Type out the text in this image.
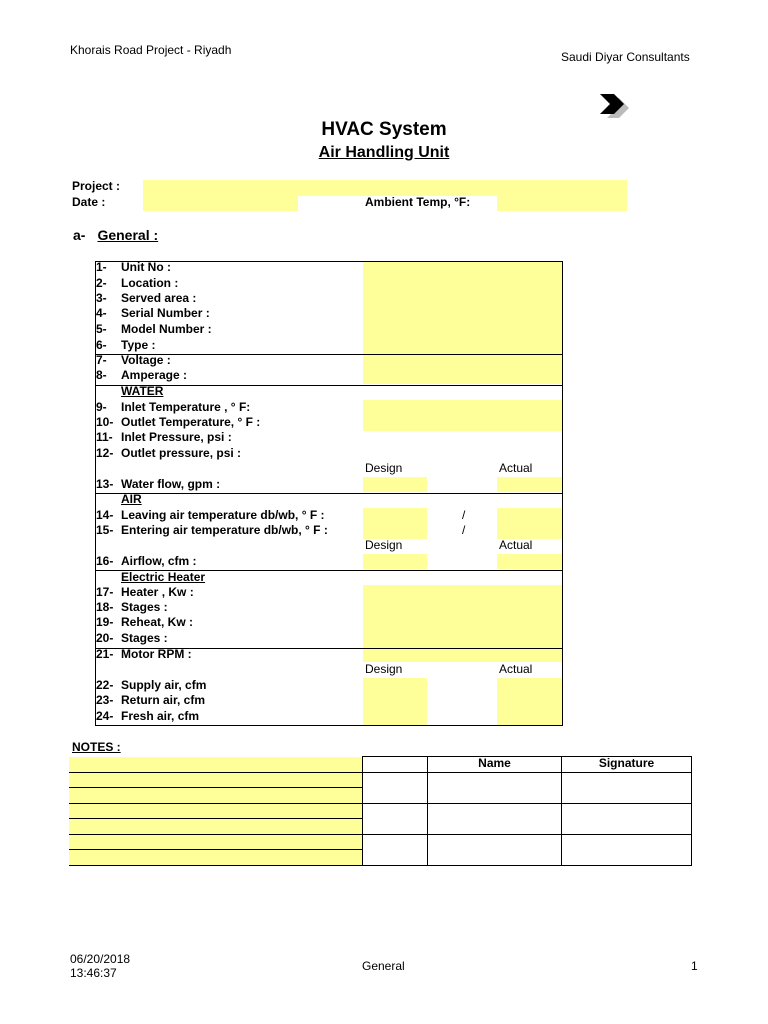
Khorais Road Project - Riyadh	Saudi Diyar Consultants
HVAC System
Air Handling Unit
Project :
Date :	Ambient Temp, °F:
a- General :
1- Unit No :
2- Location :
3- Served area :
4- Serial Number :
5- Model Number :
6- Type :
7- Voltage :
8- Amperage :
WATER
9- Inlet Temperature , ° F:
10- Outlet Temperature, ° F :
11- Inlet Pressure, psi :
12- Outlet pressure, psi :
Design	Actual
13- Water flow, gpm :
AIR
14- Leaving air temperature db/wb, ° F :	/
15- Entering air temperature db/wb, ° F :	/
Design	Actual
16- Airflow, cfm :
Electric Heater
17- Heater , Kw :
18- Stages :
19- Reheat, Kw :
20- Stages :
21- Motor RPM :
Design	Actual
22- Supply air, cfm
23- Return air, cfm
24- Fresh air, cfm
NOTES :
Name	Signature
06/20/2018
13:46:37	General	1
